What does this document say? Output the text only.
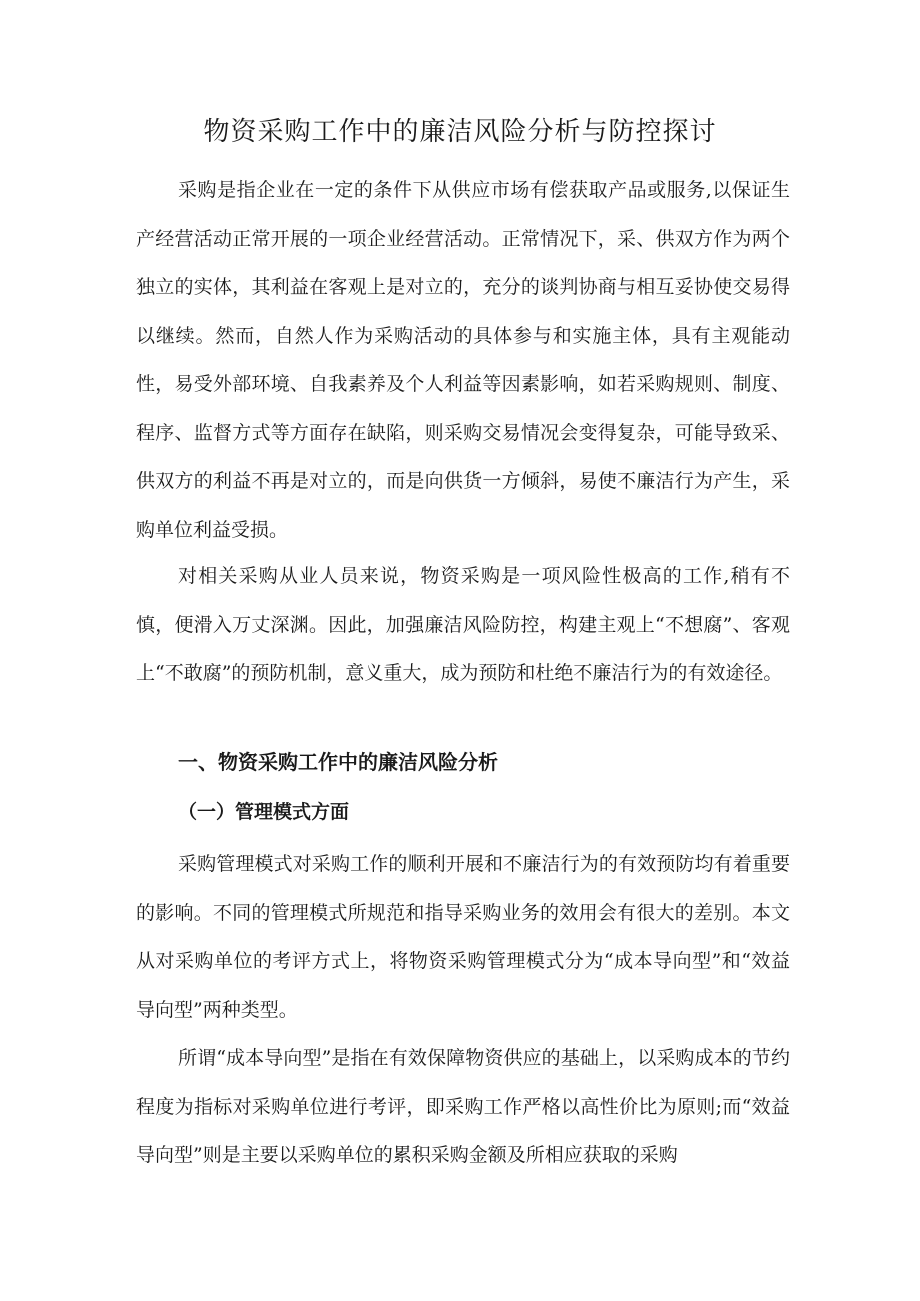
物资采购工作中的廉洁风险分析与防控探讨

采购是指企业在一定的条件下从供应市场有偿获取产品或服务,以保证生产经营活动正常开展的一项企业经营活动。正常情况下，采、供双方作为两个独立的实体，其利益在客观上是对立的，充分的谈判协商与相互妥协使交易得以继续。然而，自然人作为采购活动的具体参与和实施主体，具有主观能动性，易受外部环境、自我素养及个人利益等因素影响，如若采购规则、制度、程序、监督方式等方面存在缺陷，则采购交易情况会变得复杂，可能导致采、供双方的利益不再是对立的，而是向供货一方倾斜，易使不廉洁行为产生，采购单位利益受损。

对相关采购从业人员来说，物资采购是一项风险性极高的工作,稍有不慎，便滑入万丈深渊。因此，加强廉洁风险防控，构建主观上“不想腐”、客观上“不敢腐”的预防机制，意义重大，成为预防和杜绝不廉洁行为的有效途径。

一、物资采购工作中的廉洁风险分析
（一）管理模式方面

采购管理模式对采购工作的顺利开展和不廉洁行为的有效预防均有着重要的影响。不同的管理模式所规范和指导采购业务的效用会有很大的差别。本文从对采购单位的考评方式上，将物资采购管理模式分为“成本导向型”和“效益导向型”两种类型。

所谓“成本导向型”是指在有效保障物资供应的基础上，以采购成本的节约程度为指标对采购单位进行考评，即采购工作严格以高性价比为原则;而“效益导向型”则是主要以采购单位的累积采购金额及所相应获取的采购
